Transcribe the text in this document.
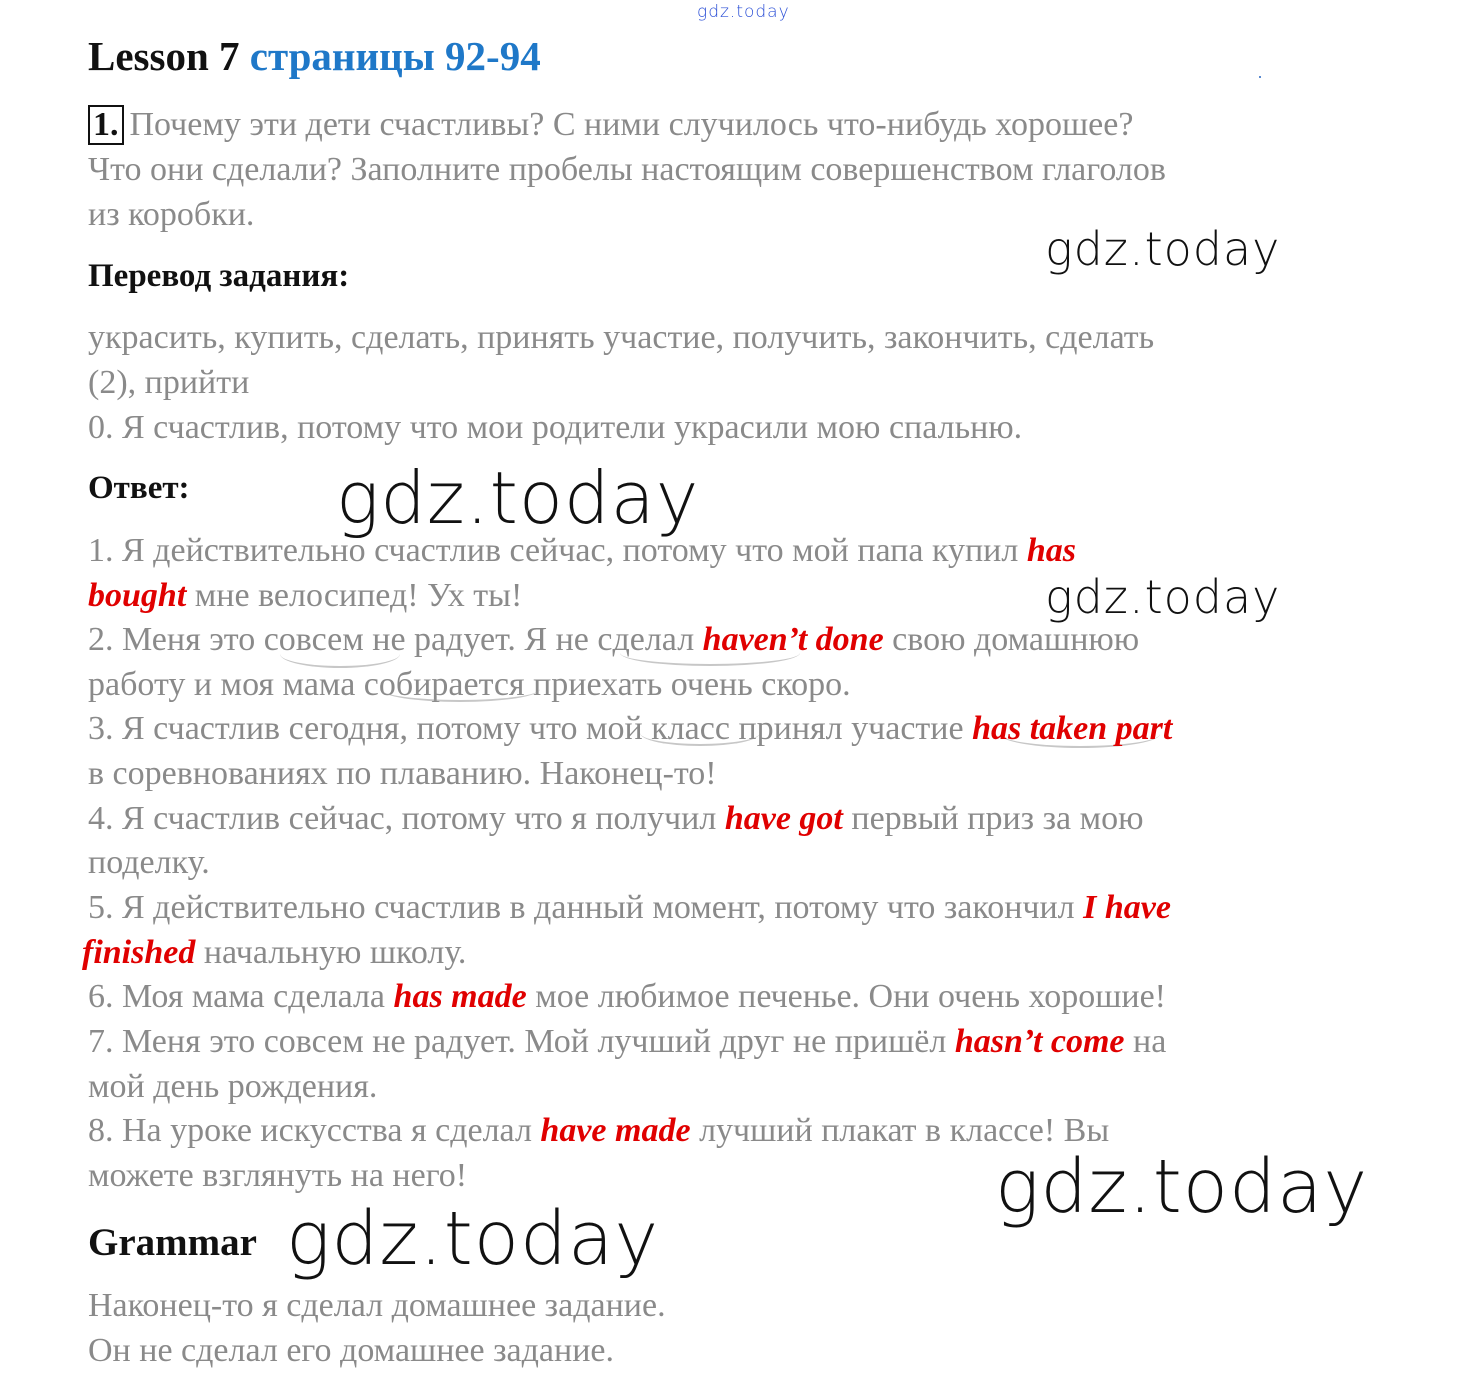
gdz.today
Lesson 7 страницы 92-94
1. Почему эти дети счастливы? С ними случилось что-нибудь хорошее?
Что они сделали? Заполните пробелы настоящим совершенством глаголов
из коробки.
gdz.today
Перевод задания:
украсить, купить, сделать, принять участие, получить, закончить, сделать
(2), прийти
0. Я счастлив, потому что мои родители украсили мою спальню.
Ответ: gdz.today
1. Я действительно счастлив сейчас, потому что мой папа купил has
bought мне велосипед! Ух ты!	gdz.today
2. Меня это совсем не радует. Я не сделал haven’t done свою домашнюю
работу и моя мама собирается приехать очень скоро.
3. Я счастлив сегодня, потому что мой класс принял участие has taken part
в соревнованиях по плаванию. Наконец-то!
4. Я счастлив сейчас, потому что я получил have got первый приз за мою
поделку.
5. Я действительно счастлив в данный момент, потому что закончил I have
finished начальную школу.
6. Моя мама сделала has made мое любимое печенье. Они очень хорошие!
7. Меня это совсем не радует. Мой лучший друг не пришёл hasn’t come на
мой день рождения.
8. На уроке искусства я сделал have made лучший плакат в классе! Вы
можете взглянуть на него!	gdz.today
Grammar gdz.today
Наконец-то я сделал домашнее задание.
Он не сделал его домашнее задание.
